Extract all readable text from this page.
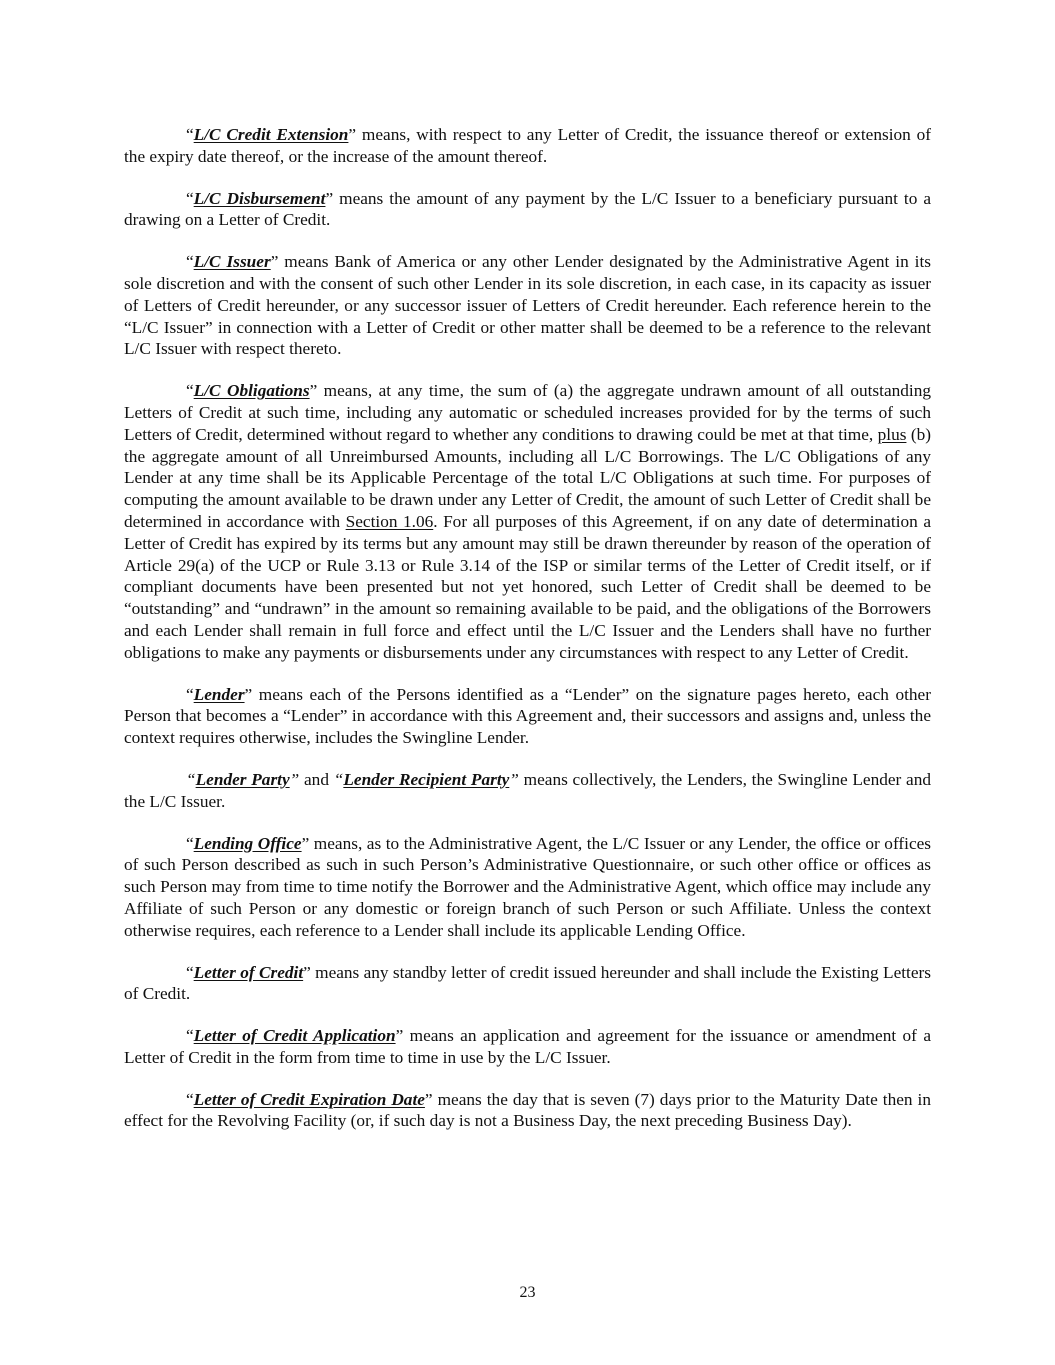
“L/C Credit Extension” means, with respect to any Letter of Credit, the issuance thereof or extension of the expiry date thereof, or the increase of the amount thereof.

“L/C Disbursement” means the amount of any payment by the L/C Issuer to a beneficiary pursuant to a drawing on a Letter of Credit.

“L/C Issuer” means Bank of America or any other Lender designated by the Administrative Agent in its sole discretion and with the consent of such other Lender in its sole discretion, in each case, in its capacity as issuer of Letters of Credit hereunder, or any successor issuer of Letters of Credit hereunder. Each reference herein to the “L/C Issuer” in connection with a Letter of Credit or other matter shall be deemed to be a reference to the relevant L/C Issuer with respect thereto.

“L/C Obligations” means, at any time, the sum of (a) the aggregate undrawn amount of all outstanding Letters of Credit at such time, including any automatic or scheduled increases provided for by the terms of such Letters of Credit, determined without regard to whether any conditions to drawing could be met at that time, plus (b) the aggregate amount of all Unreimbursed Amounts, including all L/C Borrowings. The L/C Obligations of any Lender at any time shall be its Applicable Percentage of the total L/C Obligations at such time. For purposes of computing the amount available to be drawn under any Letter of Credit, the amount of such Letter of Credit shall be determined in accordance with Section 1.06. For all purposes of this Agreement, if on any date of determination a Letter of Credit has expired by its terms but any amount may still be drawn thereunder by reason of the operation of Article 29(a) of the UCP or Rule 3.13 or Rule 3.14 of the ISP or similar terms of the Letter of Credit itself, or if compliant documents have been presented but not yet honored, such Letter of Credit shall be deemed to be “outstanding” and “undrawn” in the amount so remaining available to be paid, and the obligations of the Borrowers and each Lender shall remain in full force and effect until the L/C Issuer and the Lenders shall have no further obligations to make any payments or disbursements under any circumstances with respect to any Letter of Credit.

“Lender” means each of the Persons identified as a “Lender” on the signature pages hereto, each other Person that becomes a “Lender” in accordance with this Agreement and, their successors and assigns and, unless the context requires otherwise, includes the Swingline Lender.

“Lender Party” and “Lender Recipient Party” means collectively, the Lenders, the Swingline Lender and the L/C Issuer.

“Lending Office” means, as to the Administrative Agent, the L/C Issuer or any Lender, the office or offices of such Person described as such in such Person’s Administrative Questionnaire, or such other office or offices as such Person may from time to time notify the Borrower and the Administrative Agent, which office may include any Affiliate of such Person or any domestic or foreign branch of such Person or such Affiliate. Unless the context otherwise requires, each reference to a Lender shall include its applicable Lending Office.

“Letter of Credit” means any standby letter of credit issued hereunder and shall include the Existing Letters of Credit.

“Letter of Credit Application” means an application and agreement for the issuance or amendment of a Letter of Credit in the form from time to time in use by the L/C Issuer.

“Letter of Credit Expiration Date” means the day that is seven (7) days prior to the Maturity Date then in effect for the Revolving Facility (or, if such day is not a Business Day, the next preceding Business Day).

23
